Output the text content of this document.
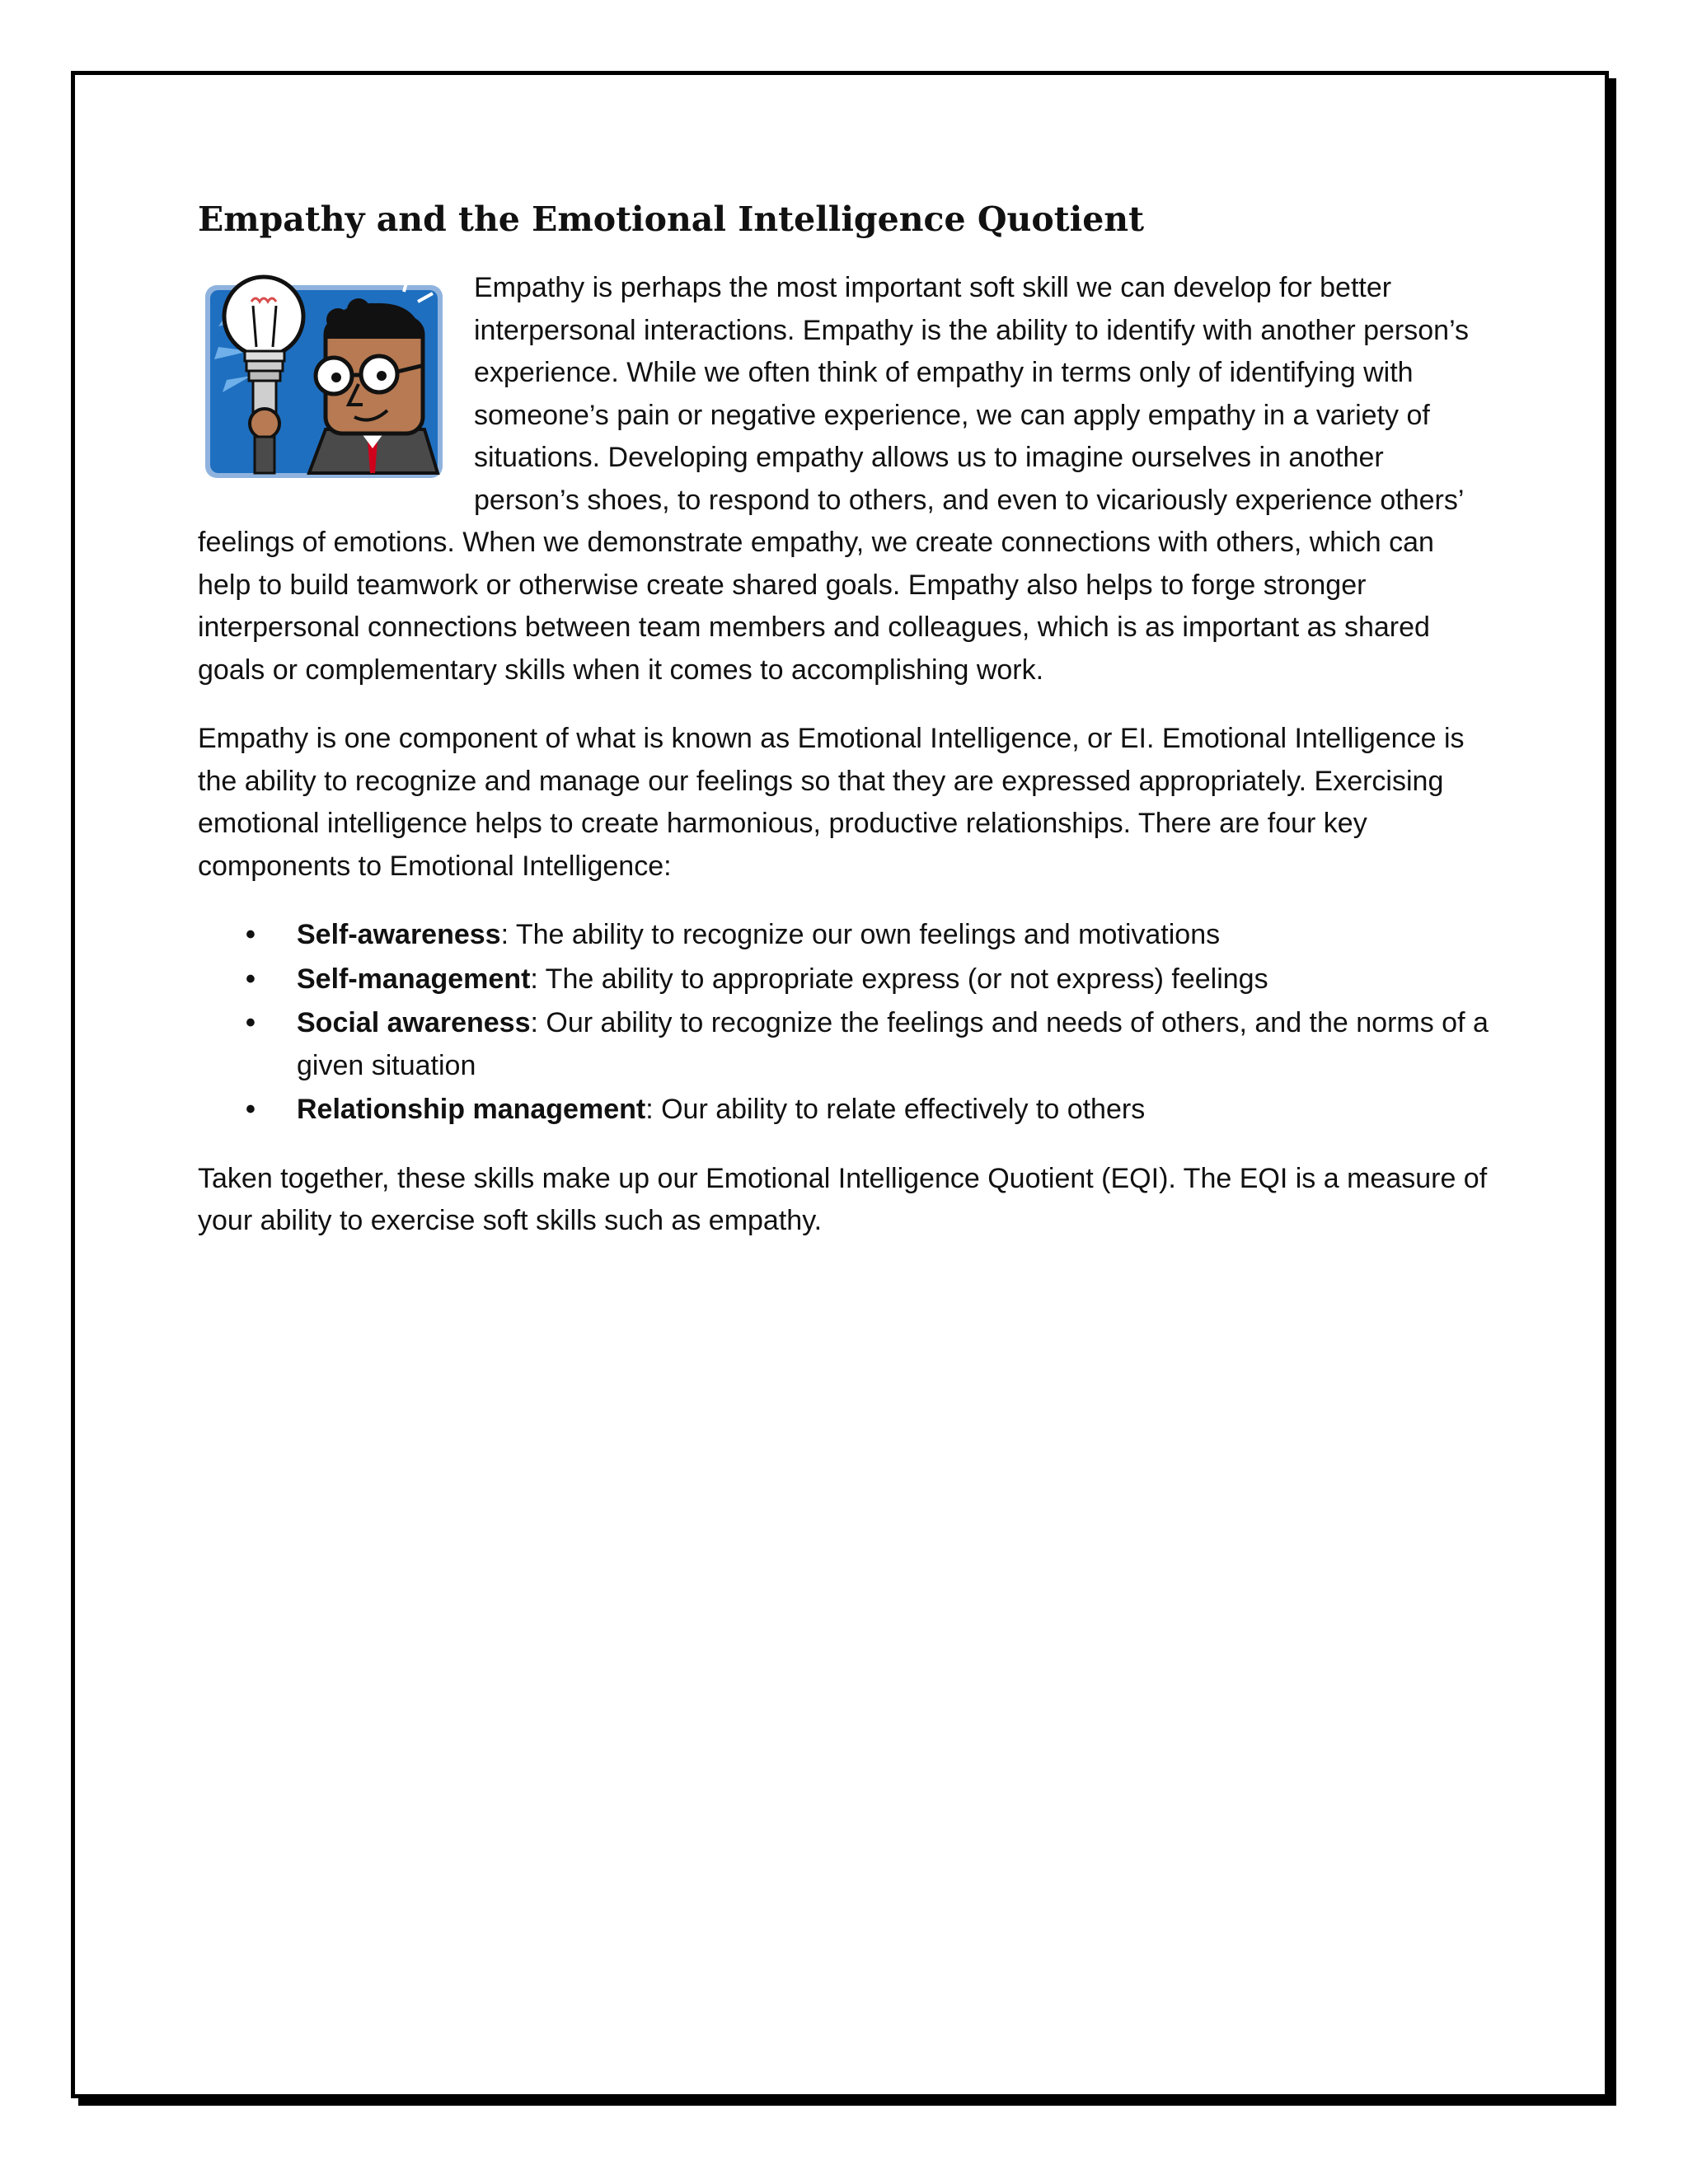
Empathy and the Emotional Intelligence Quotient

Empathy is perhaps the most important soft skill we can develop for better interpersonal interactions. Empathy is the ability to identify with another person’s experience. While we often think of empathy in terms only of identifying with someone’s pain or negative experience, we can apply empathy in a variety of situations. Developing empathy allows us to imagine ourselves in another person’s shoes, to respond to others, and even to vicariously experience others’ feelings of emotions. When we demonstrate empathy, we create connections with others, which can help to build teamwork or otherwise create shared goals. Empathy also helps to forge stronger interpersonal connections between team members and colleagues, which is as important as shared goals or complementary skills when it comes to accomplishing work.

Empathy is one component of what is known as Emotional Intelligence, or EI. Emotional Intelligence is the ability to recognize and manage our feelings so that they are expressed appropriately. Exercising emotional intelligence helps to create harmonious, productive relationships. There are four key components to Emotional Intelligence:

• Self-awareness: The ability to recognize our own feelings and motivations
• Self-management: The ability to appropriate express (or not express) feelings
• Social awareness: Our ability to recognize the feelings and needs of others, and the norms of a given situation
• Relationship management: Our ability to relate effectively to others

Taken together, these skills make up our Emotional Intelligence Quotient (EQI). The EQI is a measure of your ability to exercise soft skills such as empathy.
